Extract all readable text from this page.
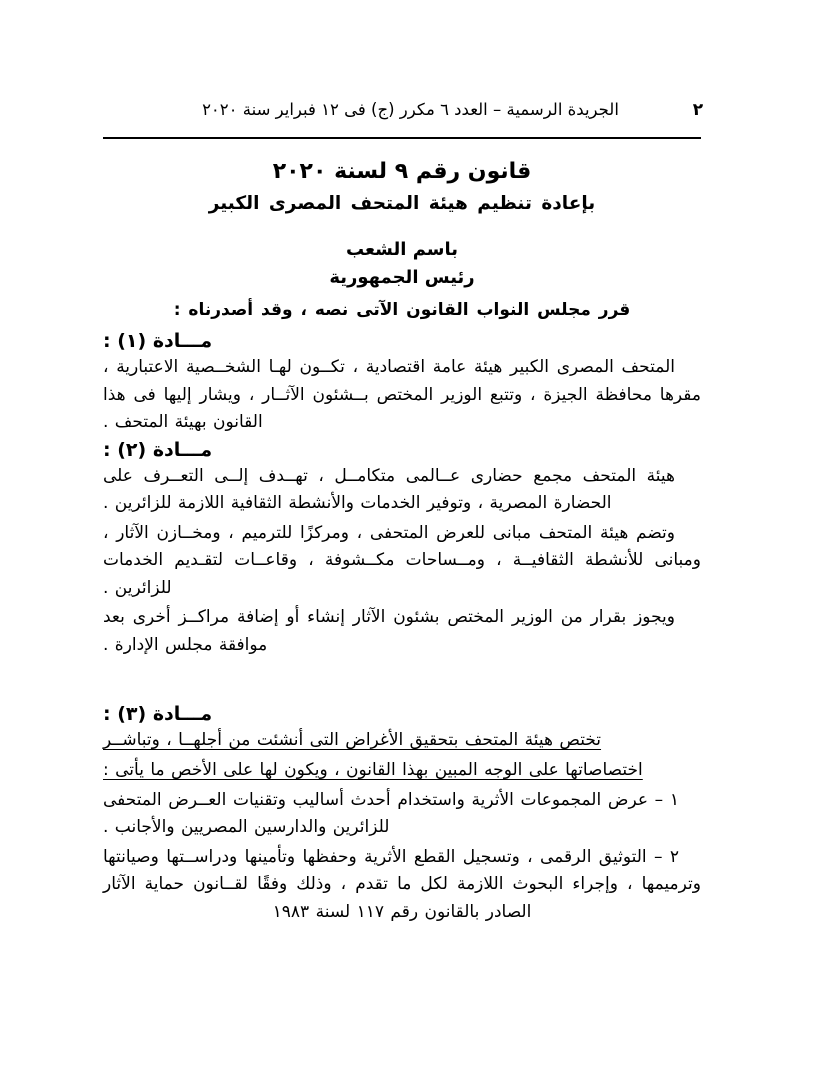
٢
الجريدة الرسمية – العدد ٦ مكرر (ج) فى ١٢ فبراير سنة ٢٠٢٠
قانون رقم ٩ لسنة ٢٠٢٠
بإعادة تنظيم هيئة المتحف المصرى الكبير
باسم الشعب
رئيس الجمهورية
قرر مجلس النواب القانون الآتى نصه ، وقد أصدرناه :
مـــادة (١) :

المتحف المصرى الكبير هيئة عامة اقتصادية ، تكــون لهـا الشخــصية الاعتبارية ، مقرها محافظة الجيزة ، وتتبع الوزير المختص بــشئون الآثــار ، ويشار إليها فى هذا القانون بهيئة المتحف .

مـــادة (٢) :

هيئة المتحف مجمع حضارى عــالمى متكامــل ، تهــدف إلــى التعــرف على الحضارة المصرية ، وتوفير الخدمات والأنشطة الثقافية اللازمة للزائرين .

وتضم هيئة المتحف مبانى للعرض المتحفى ، ومركزًا للترميم ، ومخــازن الآثار ، ومبانى للأنشطة الثقافيــة ، ومــساحات مكــشوفة ، وقاعــات لتقـديم الخدمات للزائرين .

ويجوز بقرار من الوزير المختص بشئون الآثار إنشاء أو إضافة مراكــز أخرى بعد موافقة مجلس الإدارة .

مـــادة (٣) :

تختص هيئة المتحف بتحقيق الأغراض التى أنشئت من أجلهــا ، وتباشــر

اختصاصاتها على الوجه المبين بهذا القانون ، ويكون لها على الأخص ما يأتى :

١ – عرض المجموعات الأثرية واستخدام أحدث أساليب وتقنيات العــرض المتحفى للزائرين والدارسين المصريين والأجانب .

٢ – التوثيق الرقمى ، وتسجيل القطع الأثرية وحفظها وتأمينها ودراســتها وصيانتها وترميمها ، وإجراء البحوث اللازمة لكل ما تقدم ، وذلك وفقًا لقــانون حماية الآثار الصادر بالقانون رقم ١١٧ لسنة ١٩٨٣
